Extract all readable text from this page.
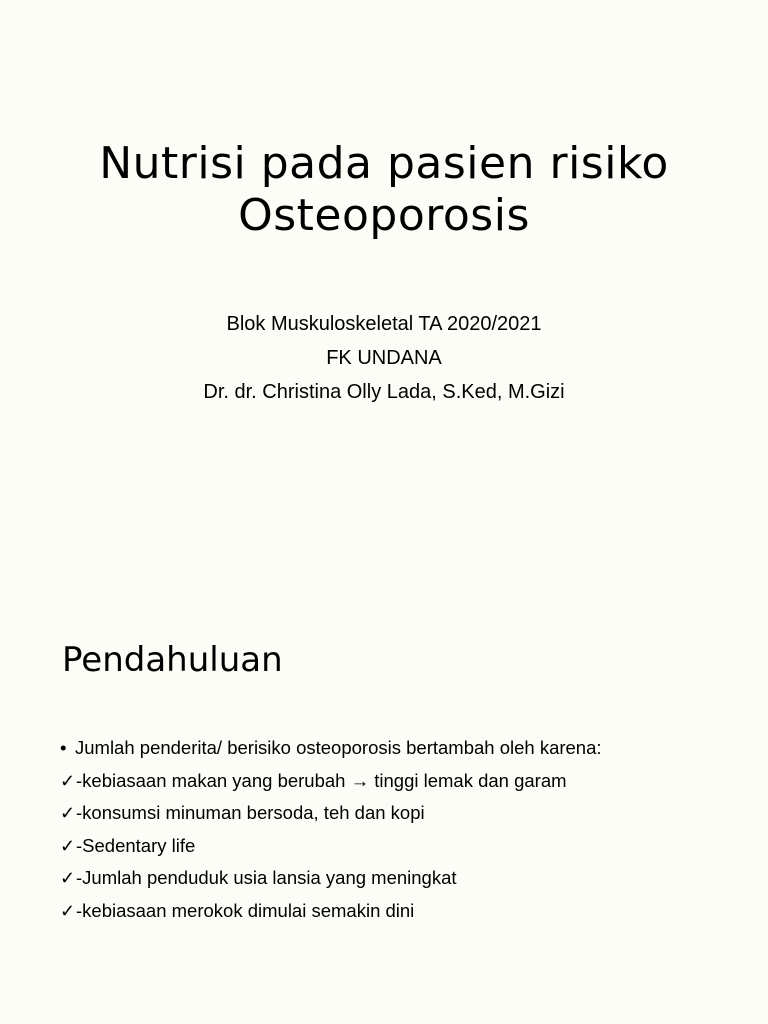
Nutrisi pada pasien risiko
Osteoporosis
Blok Muskuloskeletal TA 2020/2021
FK UNDANA
Dr. dr. Christina Olly Lada, S.Ked, M.Gizi
Pendahuluan
• Jumlah penderita/ berisiko osteoporosis bertambah oleh karena:
✓-kebiasaan makan yang berubah → tinggi lemak dan garam
✓-konsumsi minuman bersoda, teh dan kopi
✓-Sedentary life
✓-Jumlah penduduk usia lansia yang meningkat
✓-kebiasaan merokok dimulai semakin dini
